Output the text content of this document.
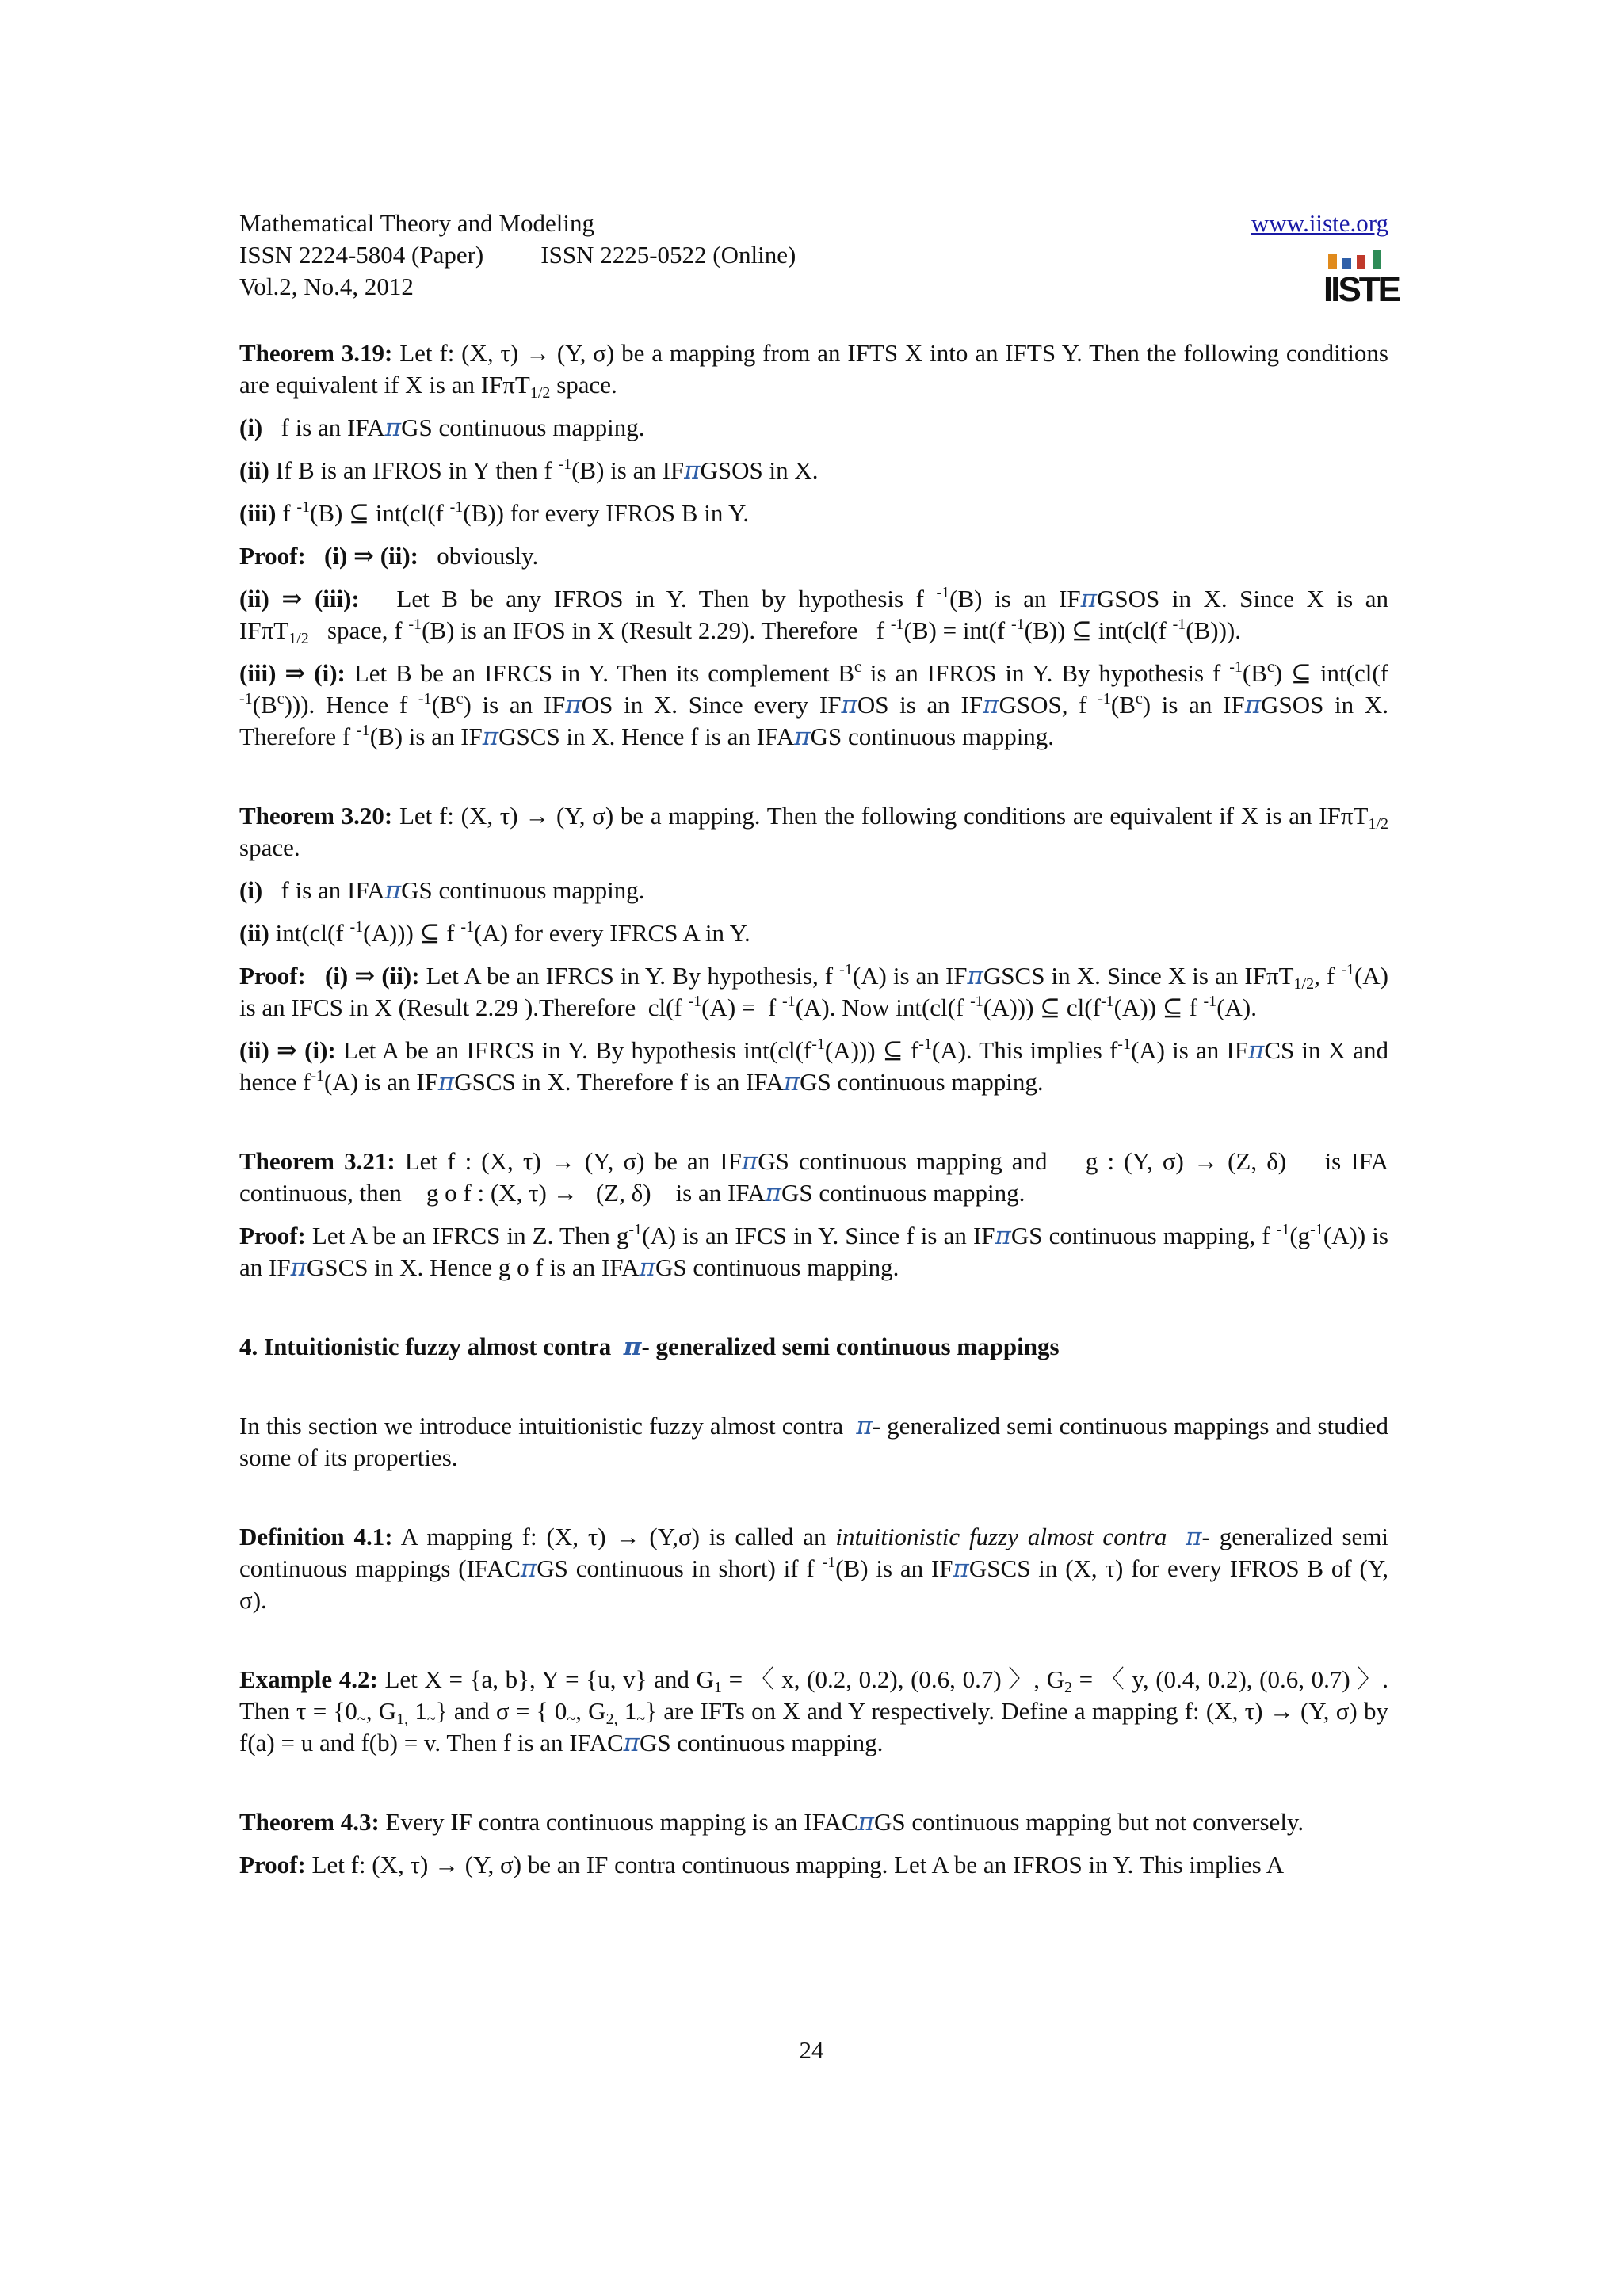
Mathematical Theory and Modeling
ISSN 2224-5804 (Paper) ISSN 2225-0522 (Online)
Vol.2, No.4, 2012
www.iiste.org
IISTE

Theorem 3.19: Let f: (X, τ) → (Y, σ) be a mapping from an IFTS X into an IFTS Y. Then the following conditions are equivalent if X is an IFπT$_{1/2}$ space.

(i)   f is an IFAπGS continuous mapping.

(ii) If B is an IFROS in Y then f $^{-1}$(B) is an IFπGSOS in X.

(iii) f $^{-1}$(B) ⊆ int(cl(f $^{-1}$(B)) for every IFROS B in Y.

Proof:   (i) ⇒ (ii):   obviously.

(ii) ⇒ (iii):   Let B be any IFROS in Y. Then by hypothesis f $^{-1}$(B) is an IFπGSOS in X. Since X is an IFπT$_{1/2}$   space, f $^{-1}$(B) is an IFOS in X (Result 2.29). Therefore   f $^{-1}$(B) = int(f $^{-1}$(B)) ⊆ int(cl(f $^{-1}$(B))).

(iii) ⇒ (i): Let B be an IFRCS in Y. Then its complement $B^c$ is an IFROS in Y. By hypothesis f $^{-1}(B^c)$ ⊆ int(cl(f $^{-1}(B^c)$)). Hence f $^{-1}(B^c)$ is an IFπOS in X. Since every IFπOS is an IFπGSOS, f $^{-1}(B^c)$ is an IFπGSOS in X. Therefore f $^{-1}$(B) is an IFπGSCS in X. Hence f is an IFAπGS continuous mapping.

Theorem 3.20: Let f: (X, τ) → (Y, σ) be a mapping. Then the following conditions are equivalent if X is an IFπT$_{1/2}$ space.

(i)   f is an IFAπGS continuous mapping.

(ii) int(cl(f $^{-1}$(A))) ⊆ f $^{-1}$(A) for every IFRCS A in Y.

Proof:   (i) ⇒ (ii): Let A be an IFRCS in Y. By hypothesis, f $^{-1}$(A) is an IFπGSCS in X. Since X is an IFπT$_{1/2}$, f $^{-1}$(A) is an IFCS in X (Result 2.29 ).Therefore  cl(f $^{-1}$(A) =  f $^{-1}$(A). Now int(cl(f $^{-1}$(A))) ⊆ $cl(f^{-1}(A))$ ⊆ f $^{-1}$(A).

(ii) ⇒ (i): Let A be an IFRCS in Y. By hypothesis $int(cl(f^{-1}(A)))$ ⊆ $f^{-1}(A)$. This implies $f^{-1}(A)$ is an IFπCS in X and hence $f^{-1}(A)$ is an IFπGSCS in X. Therefore f is an IFAπGS continuous mapping.

Theorem 3.21: Let f : (X, τ) → (Y, σ) be an IFπGS continuous mapping and    g : (Y, σ) → (Z, δ)    is IFA continuous, then    g o f : (X, τ) →   (Z, δ)    is an IFAπGS continuous mapping.

Proof: Let A be an IFRCS in Z. Then $g^{-1}(A)$ is an IFCS in Y. Since f is an IFπGS continuous mapping, f $^{-1}(g^{-1}(A))$ is an IFπGSCS in X. Hence g o f is an IFAπGS continuous mapping.

4. Intuitionistic fuzzy almost contra  π- generalized semi continuous mappings

In this section we introduce intuitionistic fuzzy almost contra  π- generalized semi continuous mappings and studied some of its properties.

Definition 4.1: A mapping f: (X, τ) → (Y,σ) is called an intuitionistic fuzzy almost contra π- generalized semi continuous mappings (IFACπGS continuous in short) if f $^{-1}$(B) is an IFπGSCS in (X, τ) for every IFROS B of (Y, σ).

Example 4.2: Let X = {a, b}, Y = {u, v} and $G_1$ = 〈 x, (0.2, 0.2), (0.6, 0.7) 〉, $G_2$ = 〈 y, (0.4, 0.2), (0.6, 0.7) 〉. Then $\tau = \{0_\sim$, $G_{1,}$ $1_\sim$} and σ = { $0_\sim$, $G_{2,}$ $1_\sim$} are IFTs on X and Y respectively. Define a mapping f: (X, τ) → (Y, σ) by f(a) = u and f(b) = v. Then f is an IFACπGS continuous mapping.

Theorem 4.3: Every IF contra continuous mapping is an IFACπGS continuous mapping but not conversely.

Proof: Let f: (X, τ) → (Y, σ) be an IF contra continuous mapping. Let A be an IFROS in Y. This implies A

24
